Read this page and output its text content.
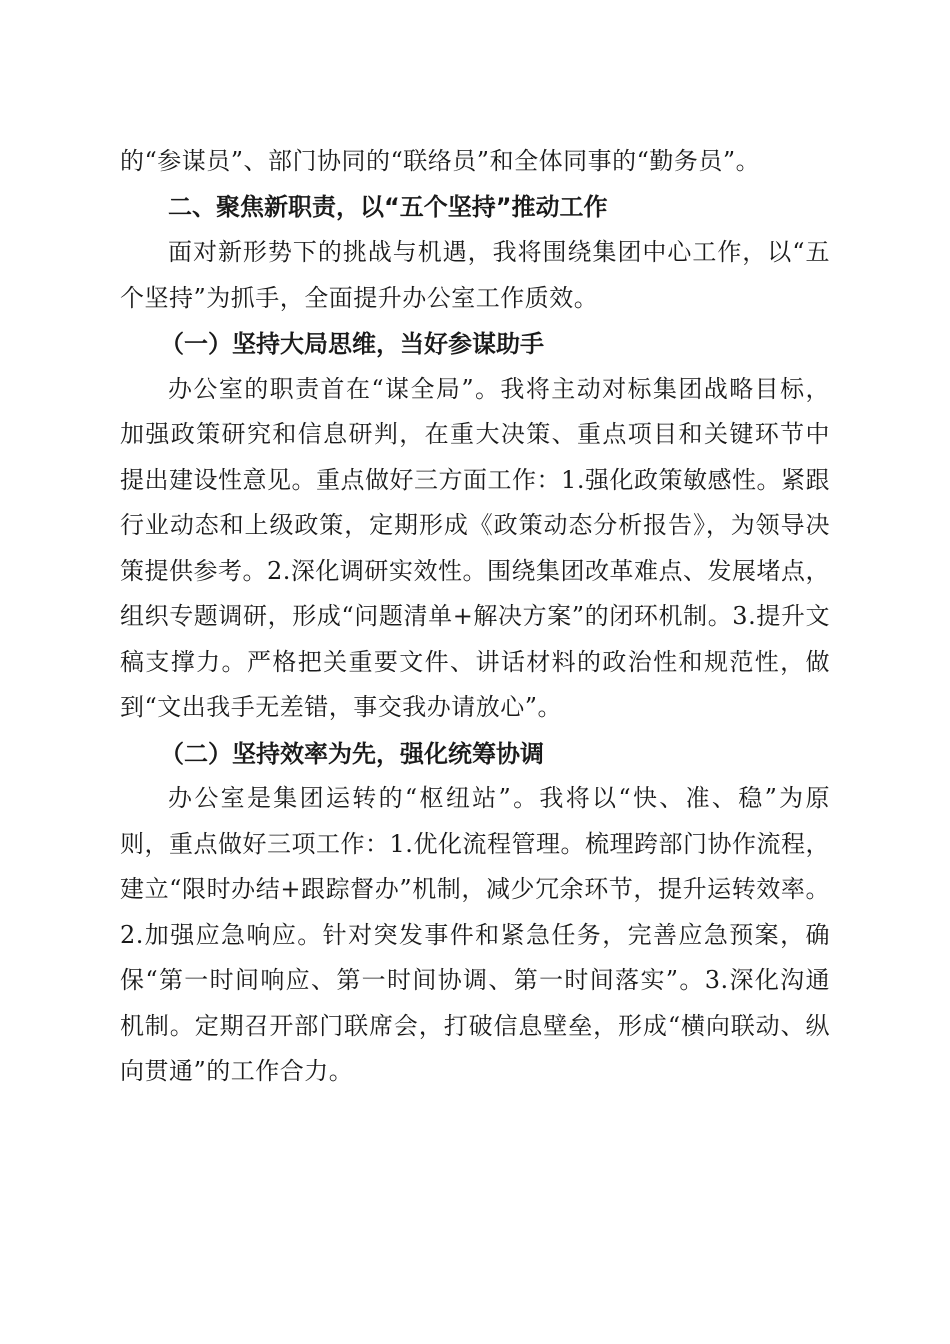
的“参谋员”、部门协同的“联络员”和全体同事的“勤务员”。

二、聚焦新职责，以“五个坚持”推动工作

面对新形势下的挑战与机遇，我将围绕集团中心工作，以“五个坚持”为抓手，全面提升办公室工作质效。

（一）坚持大局思维，当好参谋助手

办公室的职责首在“谋全局”。我将主动对标集团战略目标，加强政策研究和信息研判，在重大决策、重点项目和关键环节中提出建设性意见。重点做好三方面工作：1.强化政策敏感性。紧跟行业动态和上级政策，定期形成《政策动态分析报告》，为领导决策提供参考。2.深化调研实效性。围绕集团改革难点、发展堵点，组织专题调研，形成“问题清单+解决方案”的闭环机制。3.提升文稿支撑力。严格把关重要文件、讲话材料的政治性和规范性，做到“文出我手无差错，事交我办请放心”。

（二）坚持效率为先，强化统筹协调

办公室是集团运转的“枢纽站”。我将以“快、准、稳”为原则，重点做好三项工作：1.优化流程管理。梳理跨部门协作流程，建立“限时办结+跟踪督办”机制，减少冗余环节，提升运转效率。2.加强应急响应。针对突发事件和紧急任务，完善应急预案，确保“第一时间响应、第一时间协调、第一时间落实”。3.深化沟通机制。定期召开部门联席会，打破信息壁垒，形成“横向联动、纵向贯通”的工作合力。
